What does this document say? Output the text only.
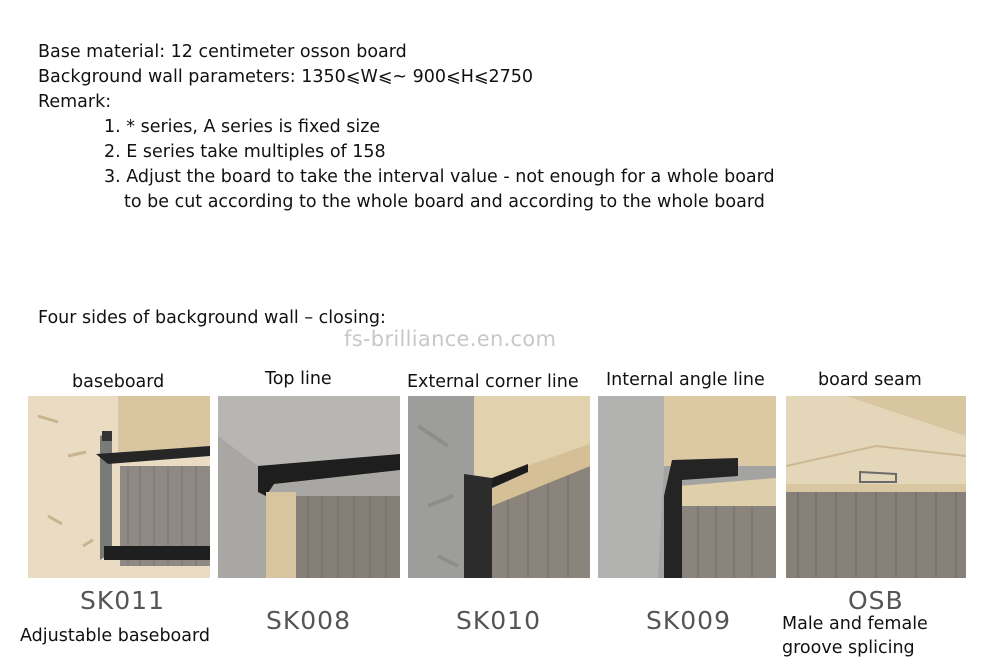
Base material: 12 centimeter osson board
Background wall parameters: 1350⩽W⩽~ 900⩽H⩽2750
Remark:
1. * series, A series is fixed size
2. E series take multiples of 158
3. Adjust the board to take the interval value - not enough for a whole board
to be cut according to the whole board and according to the whole board
Four sides of background wall – closing:
fs-brilliance.en.com
baseboard
SK011
Adjustable baseboard
Top line
SK008
External corner line
SK010
Internal angle line
SK009
board seam
OSB
Male and female groove splicing
